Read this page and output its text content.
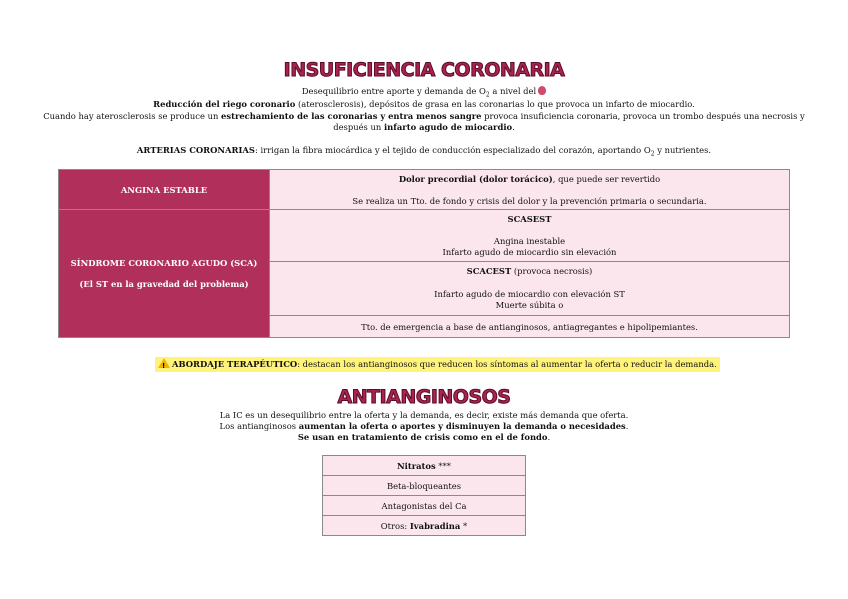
INSUFICIENCIA CORONARIA
Desequilibrio entre aporte y demanda de $O_2$ a nivel del
Reducción del riego coronario (aterosclerosis), depósitos de grasa en las coronarias lo que provoca un infarto de miocardio.
Cuando hay aterosclerosis se produce un estrechamiento de las coronarias y entra menos sangre provoca insuficiencia coronaria, provoca un trombo después una necrosis y
después un infarto agudo de miocardio.
ARTERIAS CORONARIAS: irrigan la fibra miocárdica y el tejido de conducción especializado del corazón, aportando $O_2$ y nutrientes.
ANGINA ESTABLE	Dolor precordial (dolor torácico), que puede ser revertido
Se realiza un Tto. de fondo y crisis del dolor y la prevención primaria o secundaria.

SÍNDROME CORONARIO AGUDO (SCA)
(El ST en la gravedad del problema)	SCASEST
Angina inestable
Infarto agudo de miocardio sin elevación

	SCACEST (provoca necrosis)
Infarto agudo de miocardio con elevación ST
Muerte súbita o

	Tto. de emergencia a base de antianginosos, antiagregantes e hipolipemiantes.
!ABORDAJE TERAPÉUTICO: destacan los antianginosos que reducen los síntomas al aumentar la oferta o reducir la demanda.
ANTIANGINOSOS
La IC es un desequilibrio entre la oferta y la demanda, es decir, existe más demanda que oferta.
Los antianginosos aumentan la oferta o aportes y disminuyen la demanda o necesidades.
Se usan en tratamiento de crisis como en el de fondo.
Nitratos ***
Beta-bloqueantes
Antagonistas del Ca
Otros: Ivabradina *
